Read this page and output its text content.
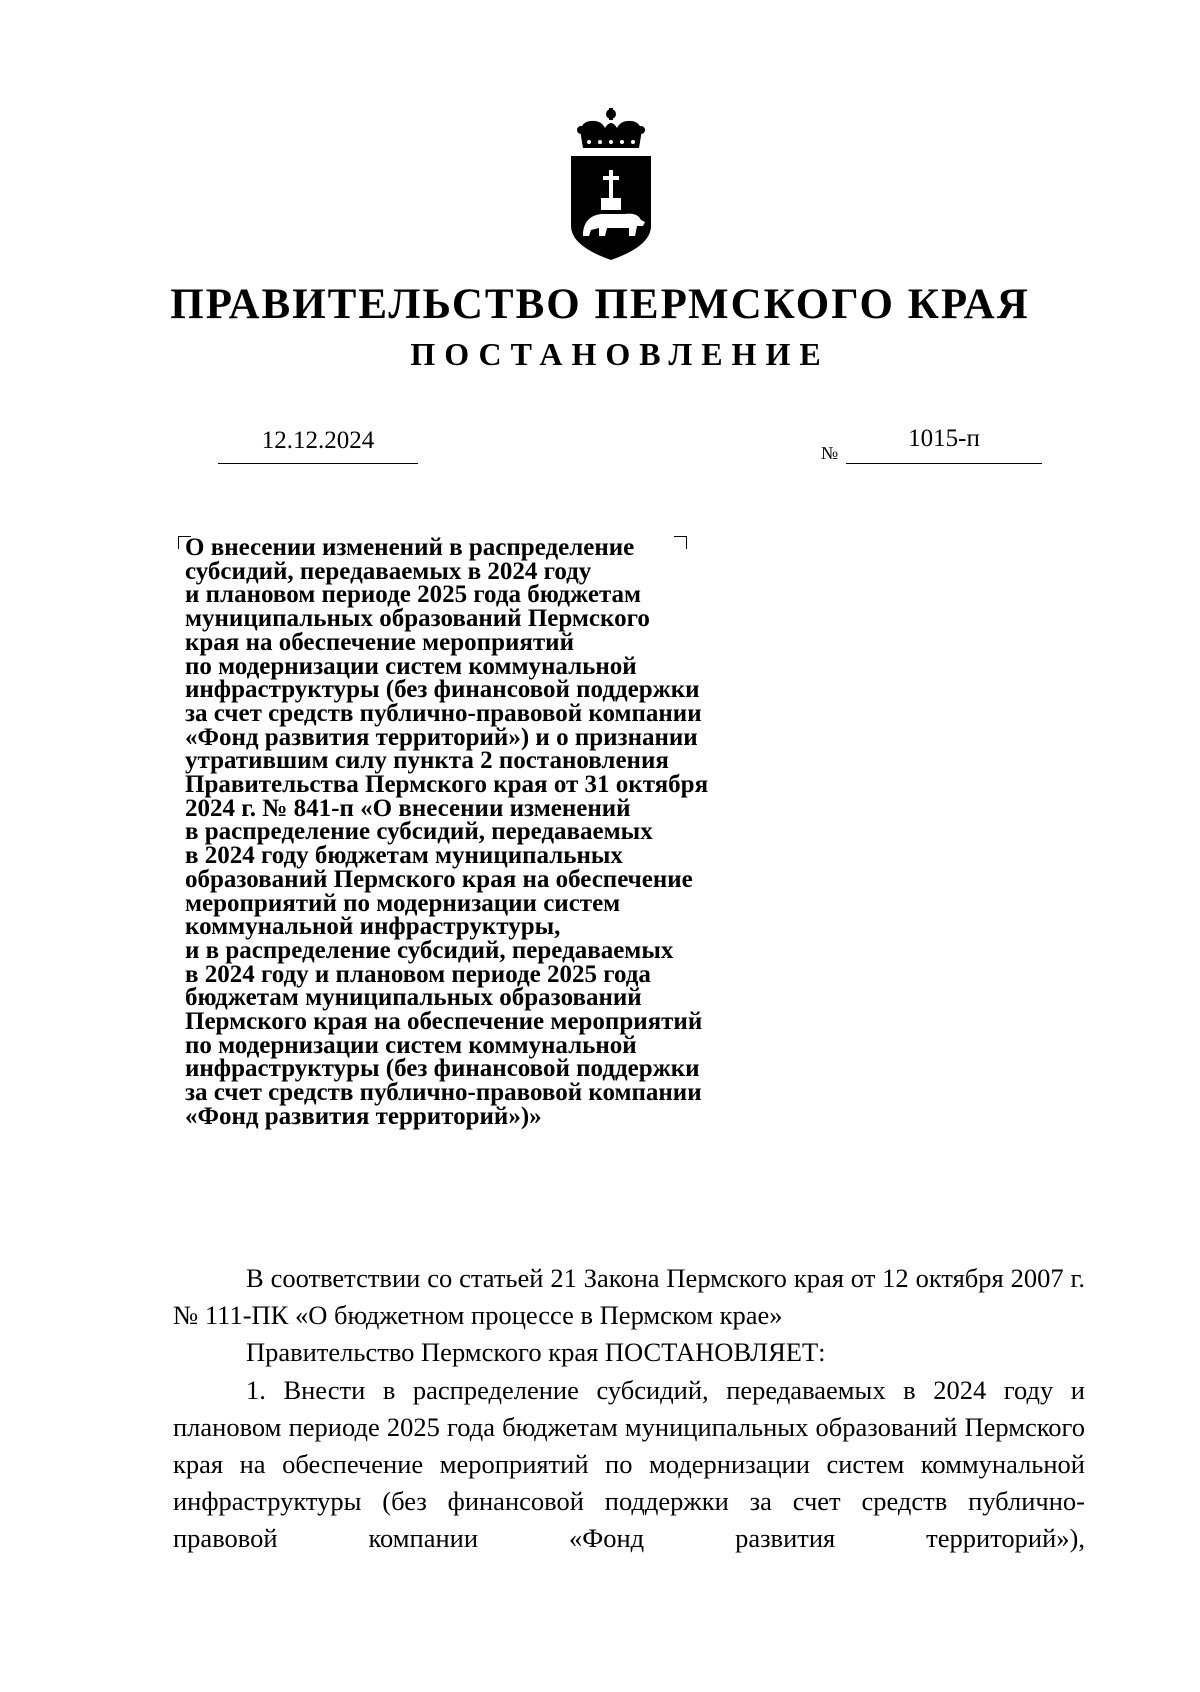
ПРАВИТЕЛЬСТВО ПЕРМСКОГО КРАЯ
ПОСТАНОВЛЕНИЕ
12.12.2024	№
1015-п
О внесении изменений в распределение
субсидий, передаваемых в 2024 году
и плановом периоде 2025 года бюджетам
муниципальных образований Пермского
края на обеспечение мероприятий
по модернизации систем коммунальной
инфраструктуры (без финансовой поддержки
за счет средств публично-правовой компании
«Фонд развития территорий») и о признании
утратившим силу пункта 2 постановления
Правительства Пермского края от 31 октября
2024 г. № 841-п «О внесении изменений
в распределение субсидий, передаваемых
в 2024 году бюджетам муниципальных
образований Пермского края на обеспечение
мероприятий по модернизации систем
коммунальной инфраструктуры,
и в распределение субсидий, передаваемых
в 2024 году и плановом периоде 2025 года
бюджетам муниципальных образований
Пермского края на обеспечение мероприятий
по модернизации систем коммунальной
инфраструктуры (без финансовой поддержки
за счет средств публично-правовой компании
«Фонд развития территорий»)»

В соответствии со статьей 21 Закона Пермского края от 12 октября 2007 г. № 111-ПК «О бюджетном процессе в Пермском крае»

Правительство Пермского края ПОСТАНОВЛЯЕТ:

1. Внести в распределение субсидий, передаваемых в 2024 году и плановом периоде 2025 года бюджетам муниципальных образований Пермского края на обеспечение мероприятий по модернизации систем коммунальной инфраструктуры (без финансовой поддержки за счет средств публично-правовой компании «Фонд развития территорий»),
